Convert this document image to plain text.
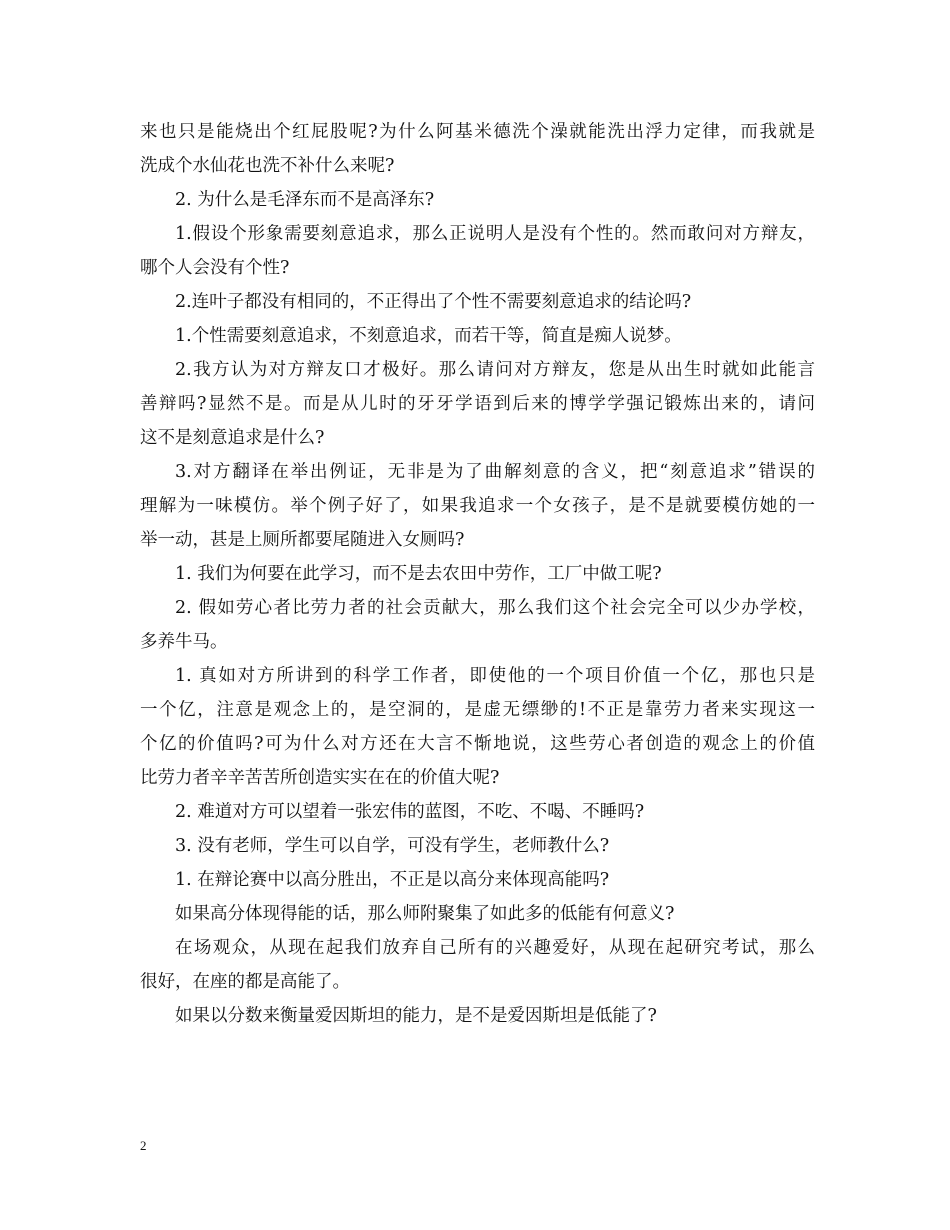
来也只是能烧出个红屁股呢?为什么阿基米德洗个澡就能洗出浮力定律，而我就是
洗成个水仙花也洗不补什么来呢?
2. 为什么是毛泽东而不是高泽东?
1.假设个形象需要刻意追求，那么正说明人是没有个性的。然而敢问对方辩友，
哪个人会没有个性?
2.连叶子都没有相同的，不正得出了个性不需要刻意追求的结论吗?
1.个性需要刻意追求，不刻意追求，而若干等，简直是痴人说梦。
2.我方认为对方辩友口才极好。那么请问对方辩友，您是从出生时就如此能言
善辩吗?显然不是。而是从儿时的牙牙学语到后来的博学学强记锻炼出来的，请问
这不是刻意追求是什么?
3.对方翻译在举出例证，无非是为了曲解刻意的含义，把“刻意追求”错误的
理解为一味模仿。举个例子好了，如果我追求一个女孩子，是不是就要模仿她的一
举一动，甚是上厕所都要尾随进入女厕吗?
1. 我们为何要在此学习，而不是去农田中劳作，工厂中做工呢?
2. 假如劳心者比劳力者的社会贡献大，那么我们这个社会完全可以少办学校，
多养牛马。
1. 真如对方所讲到的科学工作者，即使他的一个项目价值一个亿，那也只是
一个亿，注意是观念上的，是空洞的，是虚无缥缈的!不正是靠劳力者来实现这一
个亿的价值吗?可为什么对方还在大言不惭地说，这些劳心者创造的观念上的价值
比劳力者辛辛苦苦所创造实实在在的价值大呢?
2. 难道对方可以望着一张宏伟的蓝图，不吃、不喝、不睡吗?
3. 没有老师，学生可以自学，可没有学生，老师教什么?
1. 在辩论赛中以高分胜出，不正是以高分来体现高能吗?
如果高分体现得能的话，那么师附聚集了如此多的低能有何意义?
在场观众，从现在起我们放弃自己所有的兴趣爱好，从现在起研究考试，那么
很好，在座的都是高能了。
如果以分数来衡量爱因斯坦的能力，是不是爱因斯坦是低能了?
2
